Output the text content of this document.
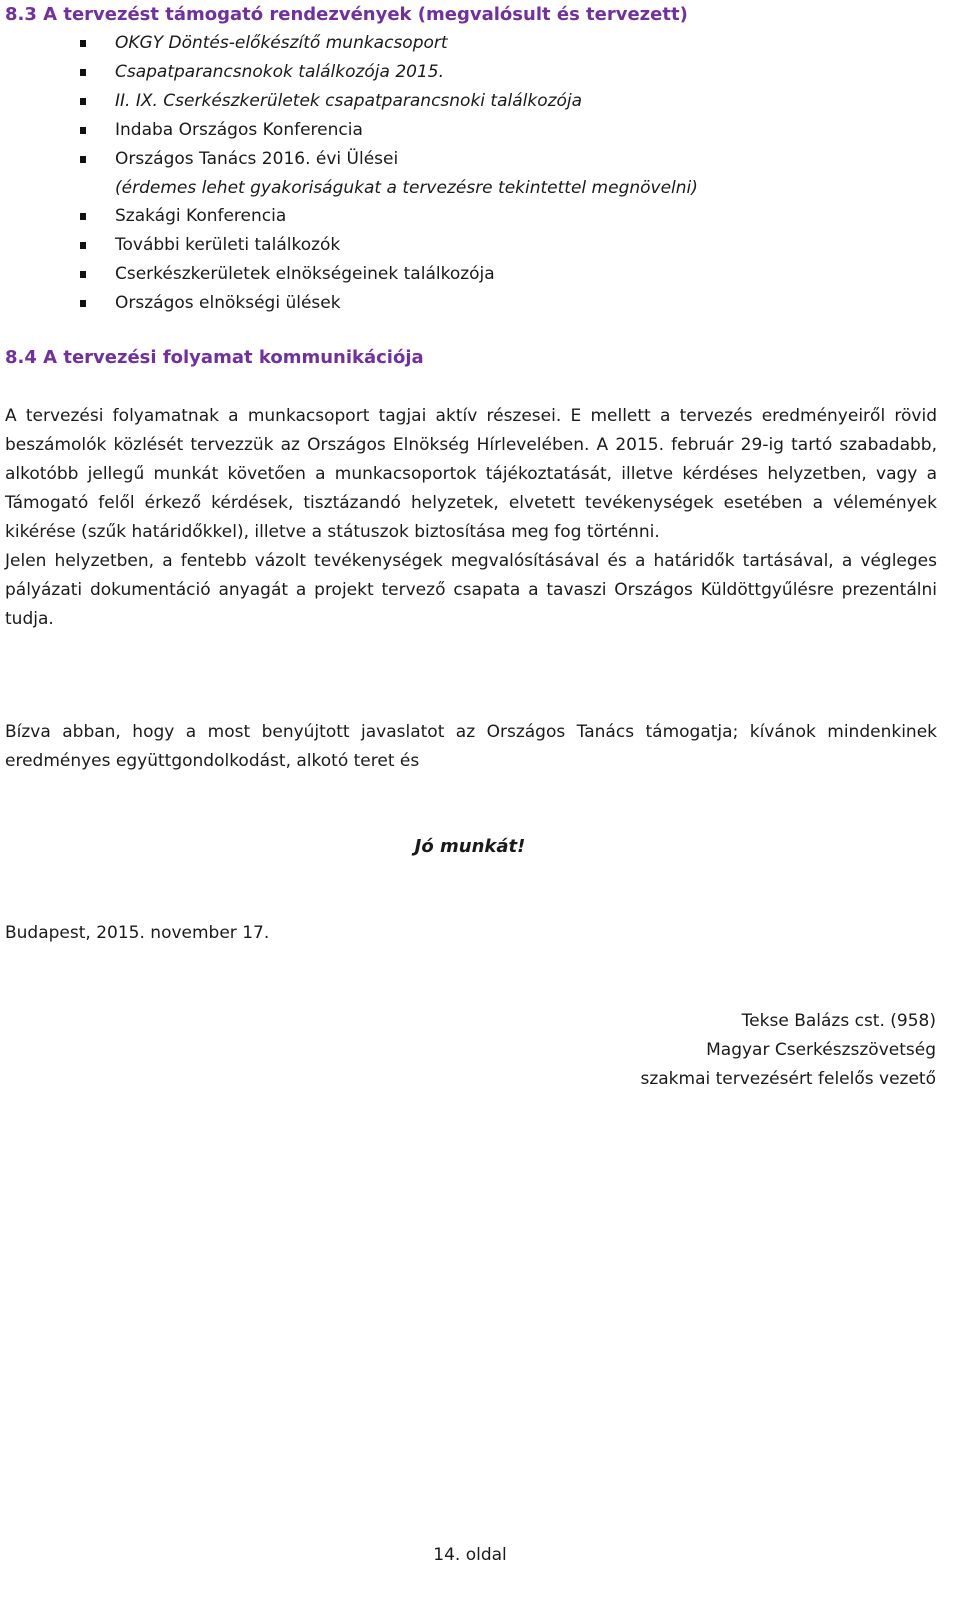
8.3 A tervezést támogató rendezvények (megvalósult és tervezett)
OKGY Döntés-előkészítő munkacsoport
Csapatparancsnokok találkozója 2015.
II. IX. Cserkészkerületek csapatparancsnoki találkozója
Indaba Országos Konferencia
Országos Tanács 2016. évi Ülései
(érdemes lehet gyakoriságukat a tervezésre tekintettel megnövelni)
Szakági Konferencia
További kerületi találkozók
Cserkészkerületek elnökségeinek találkozója
Országos elnökségi ülések
8.4 A tervezési folyamat kommunikációja

A tervezési folyamatnak a munkacsoport tagjai aktív részesei. E mellett a tervezés eredményeiről rövid beszámolók közlését tervezzük az Országos Elnökség Hírlevelében. A 2015. február 29-ig tartó szabadabb, alkotóbb jellegű munkát követően a munkacsoportok tájékoztatását, illetve kérdéses helyzetben, vagy a Támogató felől érkező kérdések, tisztázandó helyzetek, elvetett tevékenységek esetében a vélemények kikérése (szűk határidőkkel), illetve a státuszok biztosítása meg fog történni.

Jelen helyzetben, a fentebb vázolt tevékenységek megvalósításával és a határidők tartásával, a végleges pályázati dokumentáció anyagát a projekt tervező csapata a tavaszi Országos Küldöttgyűlésre prezentálni tudja.

Bízva abban, hogy a most benyújtott javaslatot az Országos Tanács támogatja; kívánok mindenkinek eredményes együttgondolkodást, alkotó teret és

Jó munkát!
Budapest, 2015. november 17.
Tekse Balázs cst. (958)
Magyar Cserkészszövetség
szakmai tervezésért felelős vezető
14. oldal
